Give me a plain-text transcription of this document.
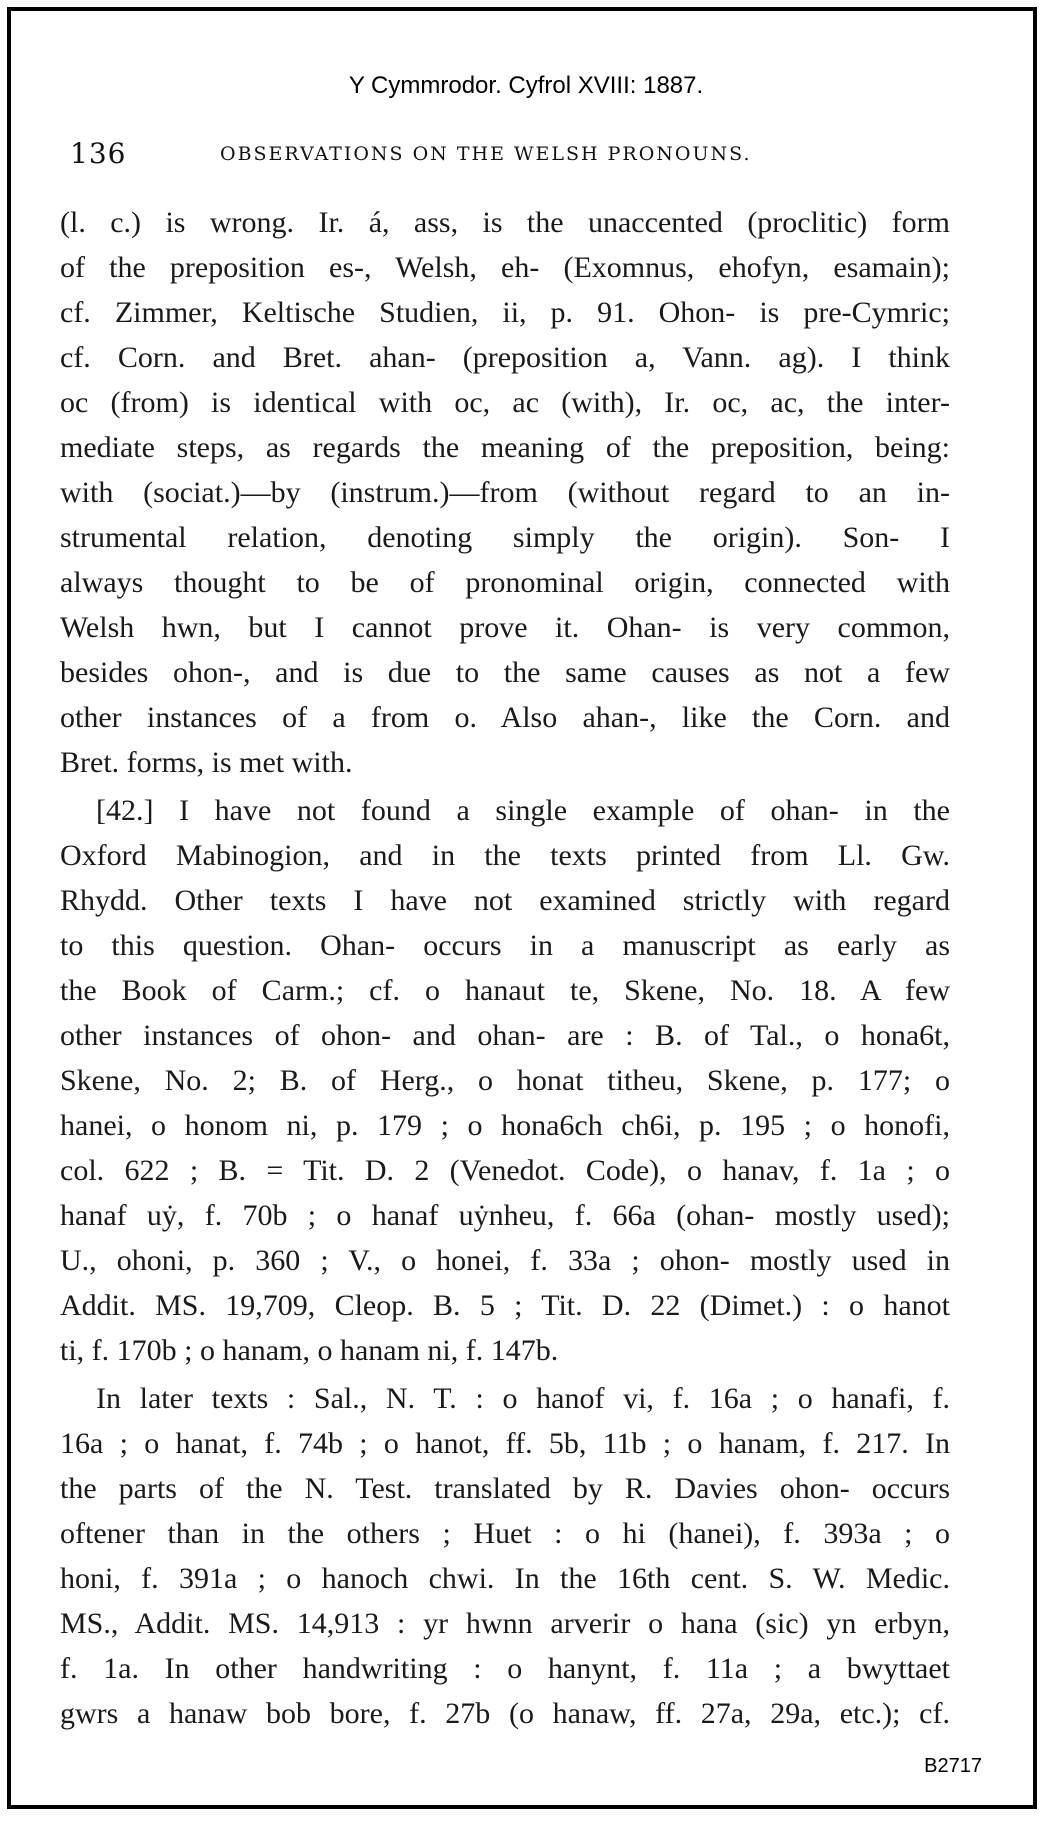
Y Cymmrodor. Cyfrol XVIII: 1887.
136	OBSERVATIONS ON THE WELSH PRONOUNS.
(l. c.) is wrong. Ir. á, ass, is the unaccented (proclitic) form
of the preposition es-, Welsh, eh- (Exomnus, ehofyn, esamain);
cf. Zimmer, Keltische Studien, ii, p. 91. Ohon- is pre-Cymric;
cf. Corn. and Bret. ahan- (preposition a, Vann. ag). I think
oc (from) is identical with oc, ac (with), Ir. oc, ac, the inter-
mediate steps, as regards the meaning of the preposition, being:
with (sociat.)—by (instrum.)—from (without regard to an in-
strumental relation, denoting simply the origin). Son- I
always thought to be of pronominal origin, connected with
Welsh hwn, but I cannot prove it. Ohan- is very common,
besides ohon-, and is due to the same causes as not a few
other instances of a from o. Also ahan-, like the Corn. and
Bret. forms, is met with.
[42.] I have not found a single example of ohan- in the
Oxford Mabinogion, and in the texts printed from Ll. Gw.
Rhydd. Other texts I have not examined strictly with regard
to this question. Ohan- occurs in a manuscript as early as
the Book of Carm.; cf. o hanaut te, Skene, No. 18. A few
other instances of ohon- and ohan- are : B. of Tal., o hona6t,
Skene, No. 2; B. of Herg., o honat titheu, Skene, p. 177; o
hanei, o honom ni, p. 179 ; o hona6ch ch6i, p. 195 ; o honofi,
col. 622 ; B. = Tit. D. 2 (Venedot. Code), o hanav, f. 1a ; o
hanaf uẏ, f. 70b ; o hanaf uẏnheu, f. 66a (ohan- mostly used);
U., ohoni, p. 360 ; V., o honei, f. 33a ; ohon- mostly used in
Addit. MS. 19,709, Cleop. B. 5 ; Tit. D. 22 (Dimet.) : o hanot
ti, f. 170b ; o hanam, o hanam ni, f. 147b.
In later texts : Sal., N. T. : o hanof vi, f. 16a ; o hanafi, f.
16a ; o hanat, f. 74b ; o hanot, ff. 5b, 11b ; o hanam, f. 217. In
the parts of the N. Test. translated by R. Davies ohon- occurs
oftener than in the others ; Huet : o hi (hanei), f. 393a ; o
honi, f. 391a ; o hanoch chwi. In the 16th cent. S. W. Medic.
MS., Addit. MS. 14,913 : yr hwnn arverir o hana (sic) yn erbyn,
f. 1a. In other handwriting : o hanynt, f. 11a ; a bwyttaet
gwrs a hanaw bob bore, f. 27b (o hanaw, ff. 27a, 29a, etc.); cf.
B2717
